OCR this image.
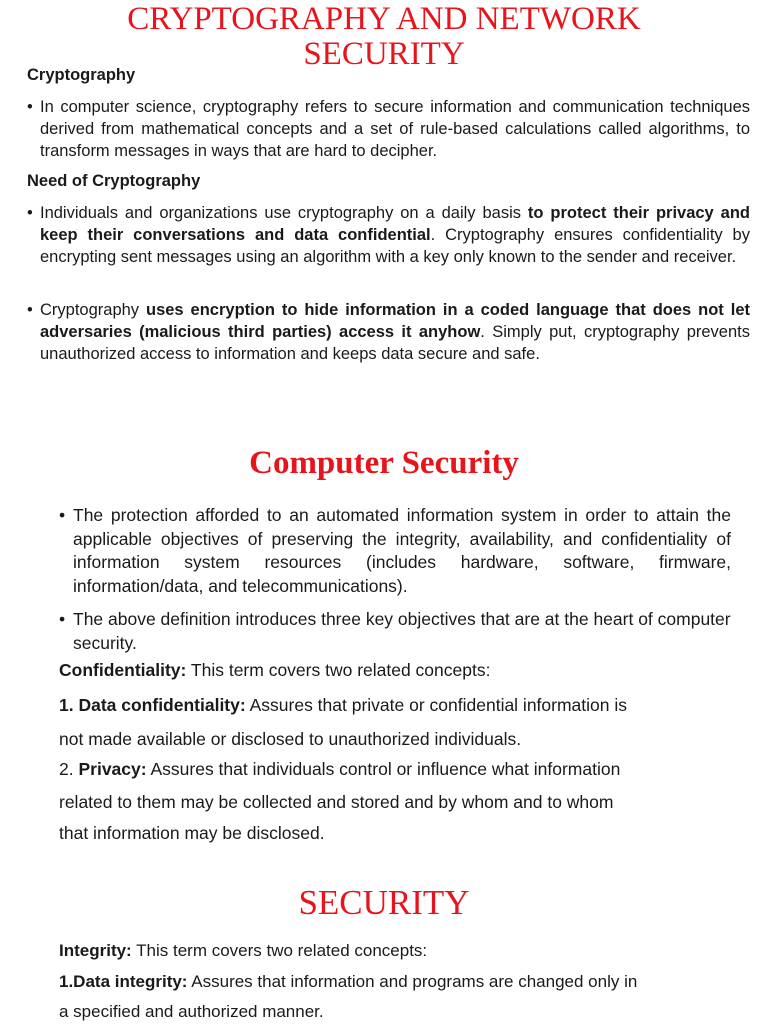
CRYPTOGRAPHY AND NETWORK
SECURITY

Cryptography

• In computer science, cryptography refers to secure information and communication techniques derived from mathematical concepts and a set of rule-based calculations called algorithms, to transform messages in ways that are hard to decipher.

Need of Cryptography

• Individuals and organizations use cryptography on a daily basis to protect their privacy and keep their conversations and data confidential. Cryptography ensures confidentiality by encrypting sent messages using an algorithm with a key only known to the sender and receiver.
• Cryptography uses encryption to hide information in a coded language that does not let adversaries (malicious third parties) access it anyhow. Simply put, cryptography prevents unauthorized access to information and keeps data secure and safe.
Computer Security
• The protection afforded to an automated information system in order to attain the applicable objectives of preserving the integrity, availability, and confidentiality of information system resources (includes hardware, software, firmware, information/data, and telecommunications).
• The above definition introduces three key objectives that are at the heart of computer security.

Confidentiality: This term covers two related concepts:

1. Data confidentiality: Assures that private or confidential information is

not made available or disclosed to unauthorized individuals.

2. Privacy: Assures that individuals control or influence what information

related to them may be collected and stored and by whom and to whom

that information may be disclosed.

SECURITY

Integrity: This term covers two related concepts:

1.Data integrity: Assures that information and programs are changed only in

a specified and authorized manner.
